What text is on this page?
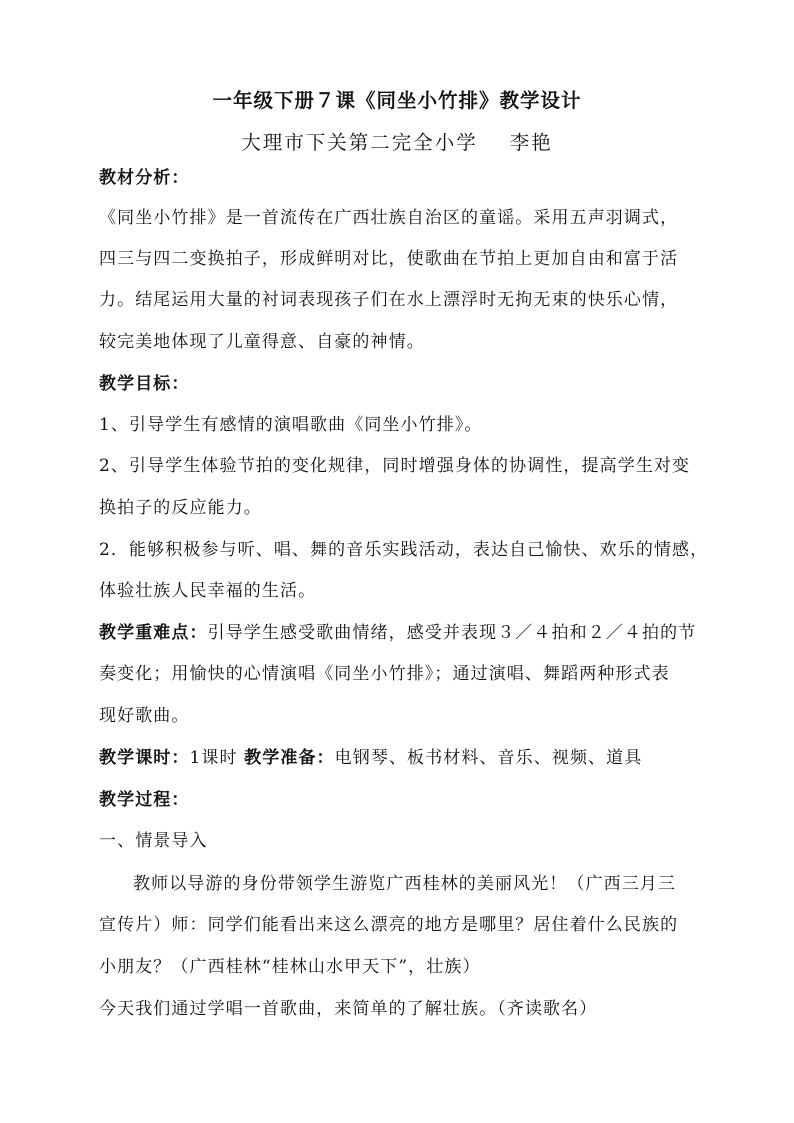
一年级下册７课《同坐小竹排》教学设计
大理市下关第二完全小学 李艳
教材分析：
《同坐小竹排》是一首流传在广西壮族自治区的童谣。采用五声羽调式，
四三与四二变换拍子，形成鲜明对比，使歌曲在节拍上更加自由和富于活
力。结尾运用大量的衬词表现孩子们在水上漂浮时无拘无束的快乐心情，
较完美地体现了儿童得意、自豪的神情。
教学目标：
1、引导学生有感情的演唱歌曲《同坐小竹排》。
2、引导学生体验节拍的变化规律，同时增强身体的协调性，提高学生对变
换拍子的反应能力。
2．能够积极参与听、唱、舞的音乐实践活动，表达自己愉快、欢乐的情感，
体验壮族人民幸福的生活。
教学重难点：引导学生感受歌曲情绪，感受并表现３／４拍和２／４拍的节
奏变化；用愉快的心情演唱《同坐小竹排》；通过演唱、舞蹈两种形式表
现好歌曲。
教学课时：1课时 教学准备：电钢琴、板书材料、音乐、视频、道具
教学过程：
一、情景导入
教师以导游的身份带领学生游览广西桂林的美丽风光！（广西三月三
宣传片）师：同学们能看出来这么漂亮的地方是哪里？居住着什么民族的
小朋友？（广西桂林“桂林山水甲天下”，壮族）
今天我们通过学唱一首歌曲，来简单的了解壮族。（齐读歌名）
